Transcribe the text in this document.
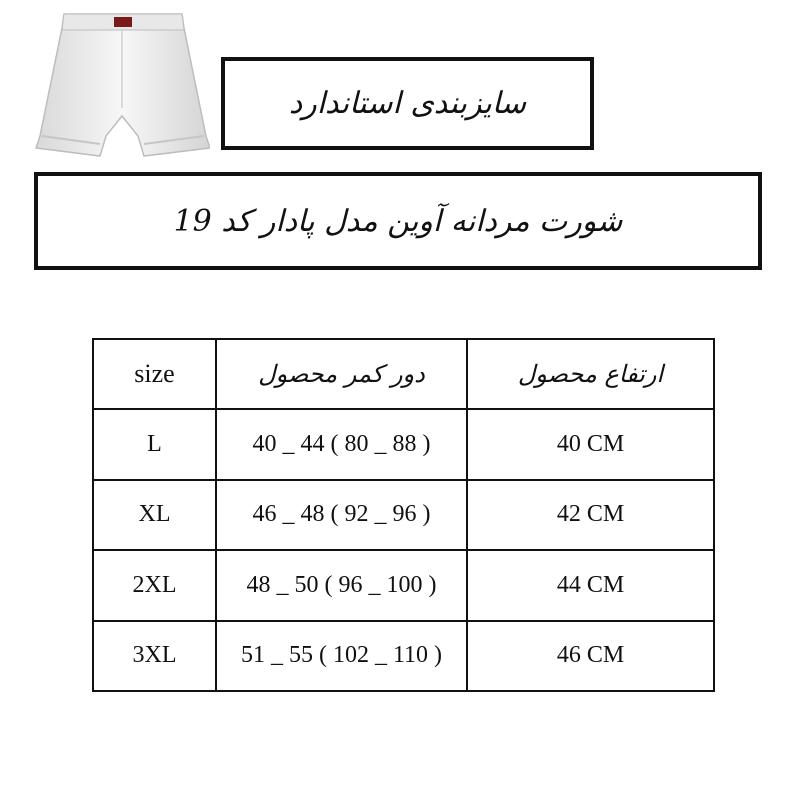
سایزبندی استاندارد
شورت مردانه آوین مدل پادار کد 19
size	دور کمر محصول	ارتفاع محصول
L	40 _ 44 ( 80 _ 88 )	40 CM
XL	46 _ 48 ( 92 _ 96 )	42 CM
2XL	48 _ 50 ( 96 _ 100 )	44 CM
3XL	51 _ 55 ( 102 _ 110 )	46 CM
